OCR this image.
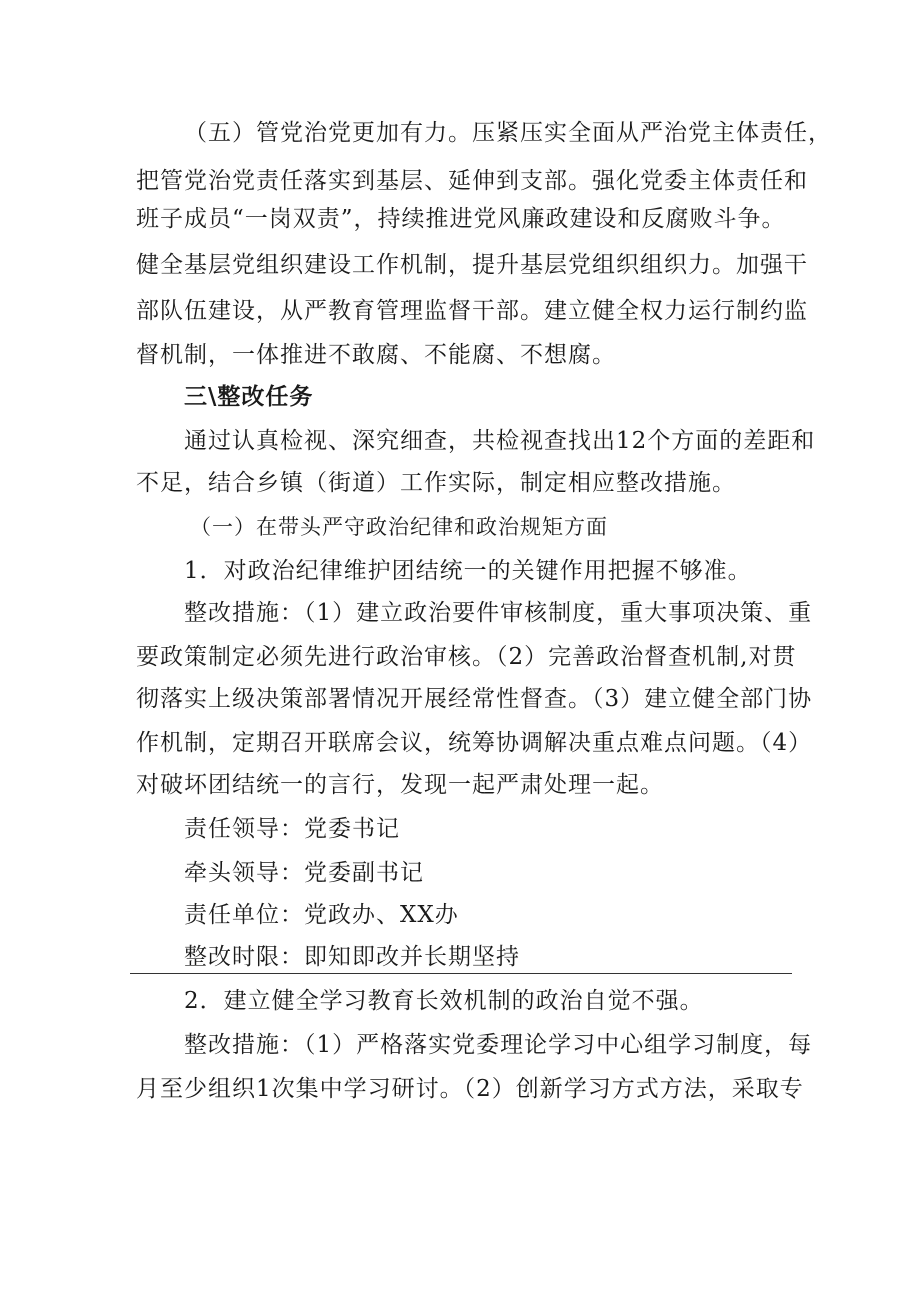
（五）管党治党更加有力。压紧压实全面从严治党主体责任，
把管党治党责任落实到基层、延伸到支部。强化党委主体责任和
班子成员“一岗双责”，持续推进党风廉政建设和反腐败斗争。
健全基层党组织建设工作机制，提升基层党组织组织力。加强干
部队伍建设，从严教育管理监督干部。建立健全权力运行制约监
督机制，一体推进不敢腐、不能腐、不想腐。
三\整改任务
通过认真检视、深究细查，共检视查找出12个方面的差距和
不足，结合乡镇（街道）工作实际，制定相应整改措施。
（一）在带头严守政治纪律和政治规矩方面
1．对政治纪律维护团结统一的关键作用把握不够准。
整改措施：（1）建立政治要件审核制度，重大事项决策、重
要政策制定必须先进行政治审核。（2）完善政治督查机制,对贯
彻落实上级决策部署情况开展经常性督查。（3）建立健全部门协
作机制，定期召开联席会议，统筹协调解决重点难点问题。（4）
对破坏团结统一的言行，发现一起严肃处理一起。
责任领导：党委书记
牵头领导：党委副书记
责任单位：党政办、XX办
整改时限：即知即改并长期坚持
2．建立健全学习教育长效机制的政治自觉不强。
整改措施：（1）严格落实党委理论学习中心组学习制度，每
月至少组织1次集中学习研讨。（2）创新学习方式方法，采取专
